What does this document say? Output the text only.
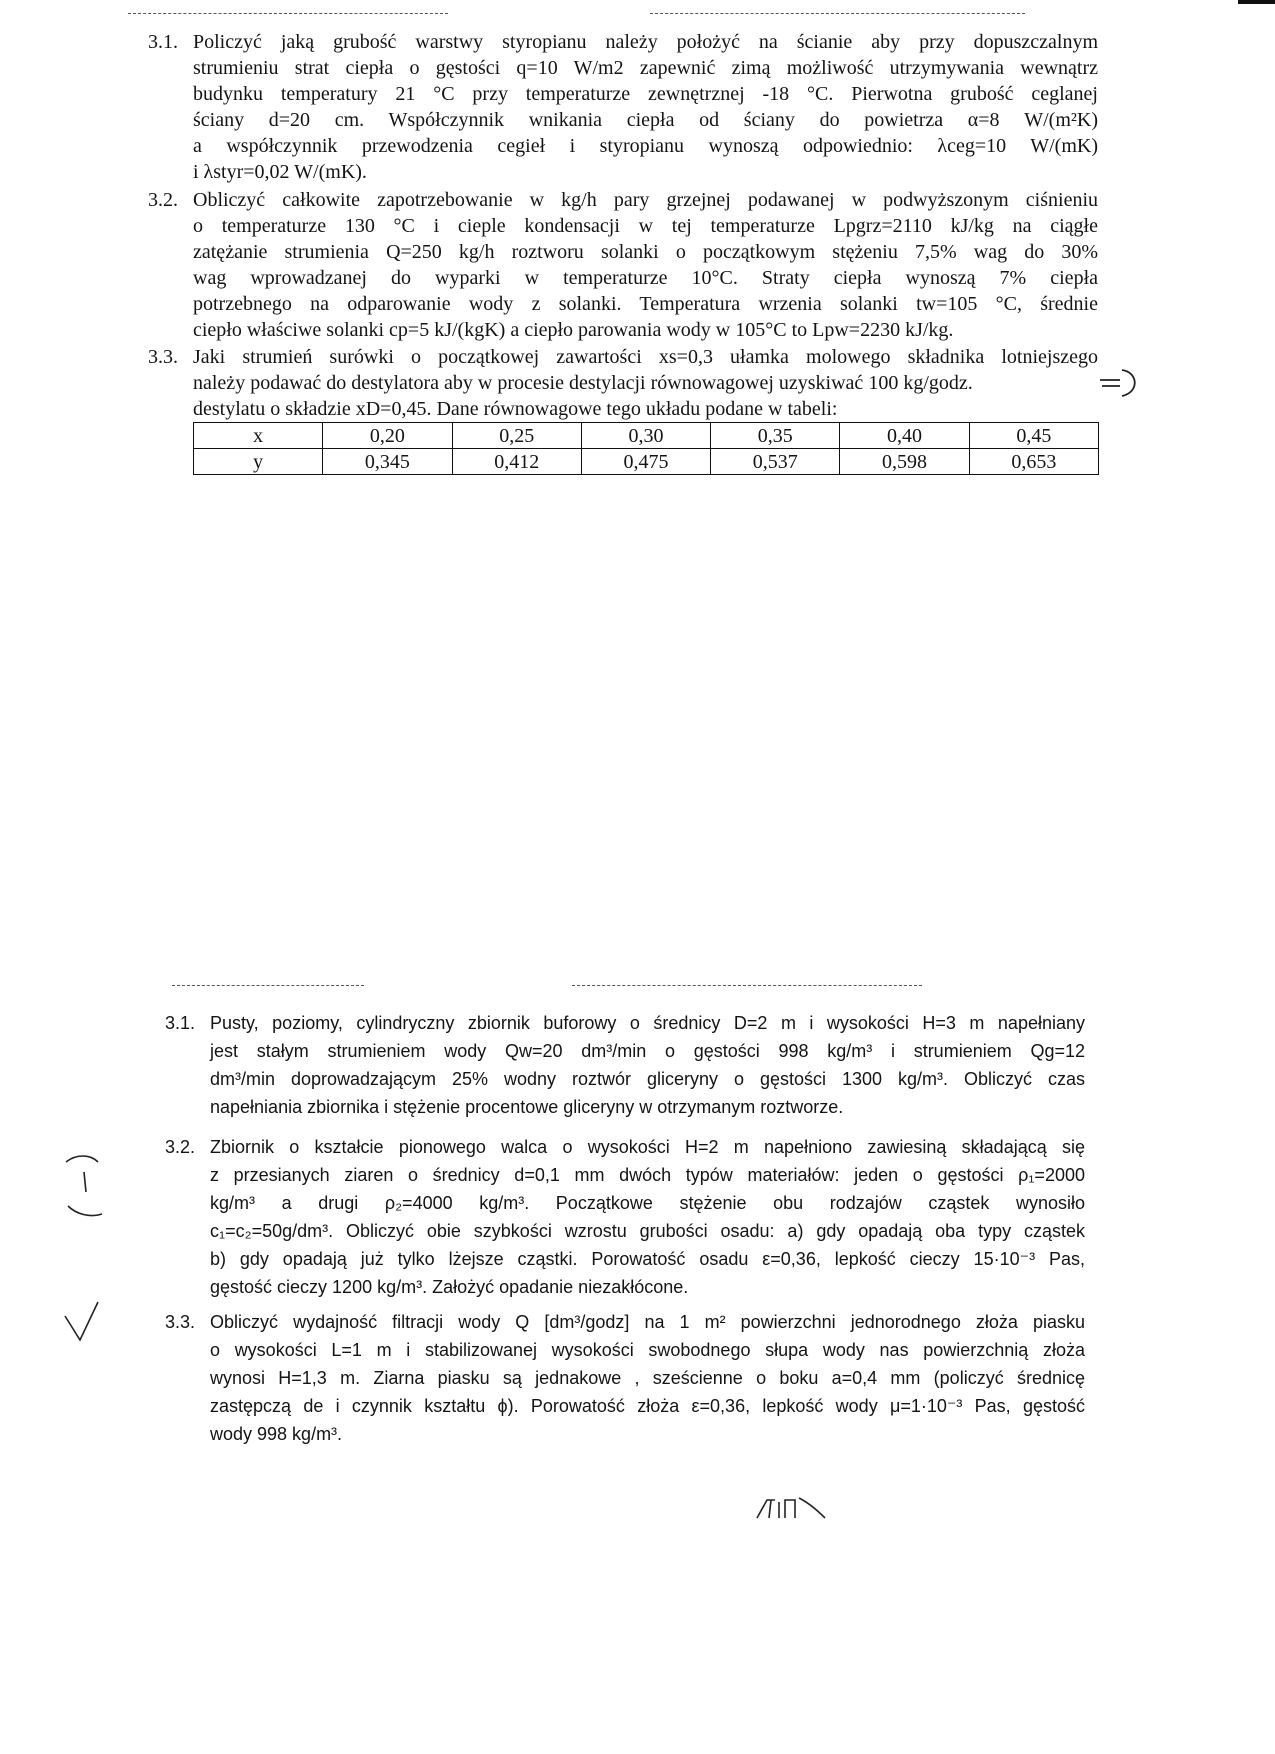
3.1. Policzyć jaką grubość warstwy styropianu należy położyć na ścianie aby przy dopuszczalnym
strumieniu strat ciepła o gęstości q=10 W/m2 zapewnić zimą możliwość utrzymywania wewnątrz
budynku temperatury 21 °C przy temperaturze zewnętrznej -18 °C. Pierwotna grubość ceglanej
ściany d=20 cm. Współczynnik wnikania ciepła od ściany do powietrza α=8 W/(m²K)
a współczynnik przewodzenia cegieł i styropianu wynoszą odpowiednio: λceg=10 W/(mK)
i λstyr=0,02 W/(mK).
3.2. Obliczyć całkowite zapotrzebowanie w kg/h pary grzejnej podawanej w podwyższonym ciśnieniu
o temperaturze 130 °C i cieple kondensacji w tej temperaturze Lpgrz=2110 kJ/kg na ciągłe
zatężanie strumienia Q=250 kg/h roztworu solanki o początkowym stężeniu 7,5% wag do 30%
wag wprowadzanej do wyparki w temperaturze 10°C. Straty ciepła wynoszą 7% ciepła
potrzebnego na odparowanie wody z solanki. Temperatura wrzenia solanki tw=105 °C, średnie
ciepło właściwe solanki cp=5 kJ/(kgK) a ciepło parowania wody w 105°C to Lpw=2230 kJ/kg.
3.3. Jaki strumień surówki o początkowej zawartości xs=0,3 ułamka molowego składnika lotniejszego
należy podawać do destylatora aby w procesie destylacji równowagowej uzyskiwać 100 kg/godz.
destylatu o składzie xD=0,45. Dane równowagowe tego układu podane w tabeli:
x	0,20	0,25	0,30	0,35	0,40	0,45
y	0,345	0,412	0,475	0,537	0,598	0,653
3.1. Pusty, poziomy, cylindryczny zbiornik buforowy o średnicy D=2 m i wysokości H=3 m napełniany
jest stałym strumieniem wody Qw=20 dm³/min o gęstości 998 kg/m³ i strumieniem Qg=12
dm³/min doprowadzającym 25% wodny roztwór gliceryny o gęstości 1300 kg/m³. Obliczyć czas
napełniania zbiornika i stężenie procentowe gliceryny w otrzymanym roztworze.
3.2. Zbiornik o kształcie pionowego walca o wysokości H=2 m napełniono zawiesiną składającą się
z przesianych ziaren o średnicy d=0,1 mm dwóch typów materiałów: jeden o gęstości ρ₁=2000
kg/m³ a drugi ρ₂=4000 kg/m³. Początkowe stężenie obu rodzajów cząstek wynosiło
c₁=c₂=50g/dm³. Obliczyć obie szybkości wzrostu grubości osadu: a) gdy opadają oba typy cząstek
b) gdy opadają już tylko lżejsze cząstki. Porowatość osadu ε=0,36, lepkość cieczy 15·10⁻³ Pas,
gęstość cieczy 1200 kg/m³. Założyć opadanie niezakłócone.
3.3. Obliczyć wydajność filtracji wody Q [dm³/godz] na 1 m² powierzchni jednorodnego złoża piasku
o wysokości L=1 m i stabilizowanej wysokości swobodnego słupa wody nas powierzchnią złoża
wynosi H=1,3 m. Ziarna piasku są jednakowe , sześcienne o boku a=0,4 mm (policzyć średnicę
zastępczą de i czynnik kształtu ϕ). Porowatość złoża ε=0,36, lepkość wody μ=1·10⁻³ Pas, gęstość
wody 998 kg/m³.
